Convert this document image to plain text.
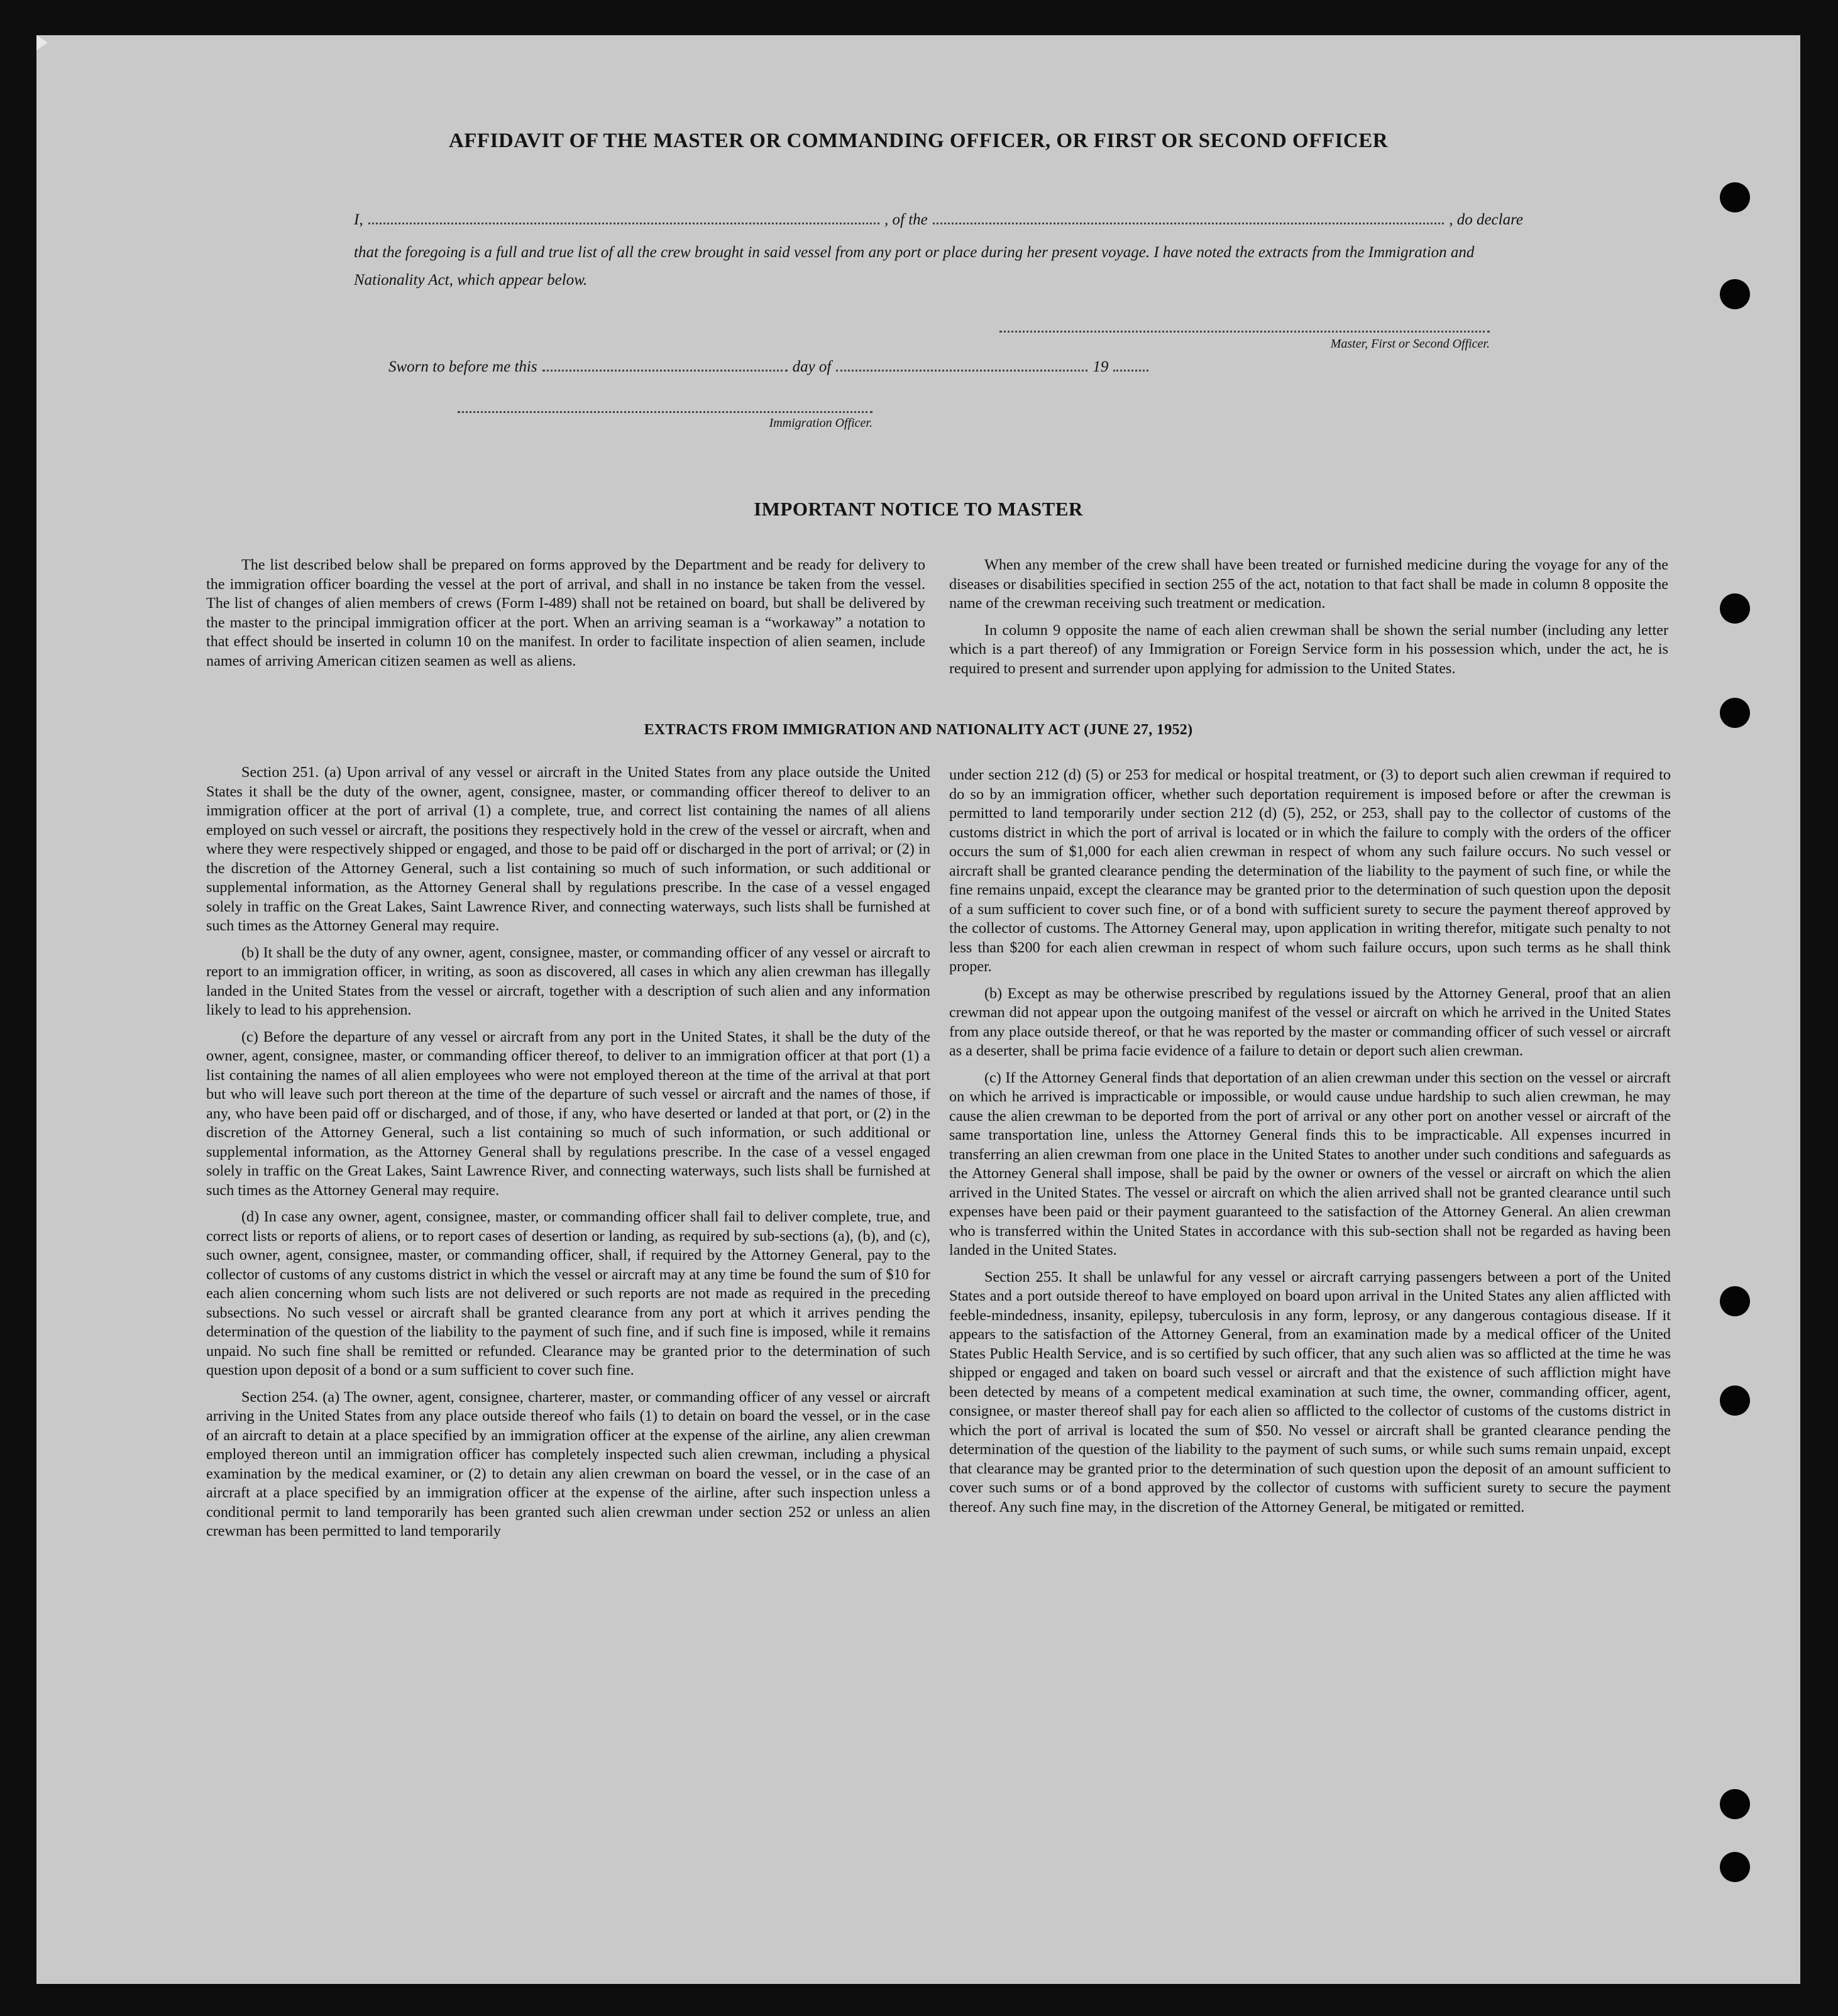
AFFIDAVIT OF THE MASTER OR COMMANDING OFFICER, OR FIRST OR SECOND OFFICER
I,	, of the	, do declare
that the foregoing is a full and true list of all the crew brought in said vessel from any port or place during her present voyage. I have noted the extracts from the Immigration and Nationality Act, which appear below.
Master, First or Second Officer.
Sworn to before me this	day of	19
Immigration Officer.
IMPORTANT NOTICE TO MASTER

The list described below shall be prepared on forms approved by the Department and be ready for delivery to the immigration officer boarding the vessel at the port of arrival, and shall in no instance be taken from the vessel. The list of changes of alien members of crews (Form I-489) shall not be retained on board, but shall be delivered by the master to the principal immigration officer at the port. When an arriving seaman is a “workaway” a notation to that effect should be inserted in column 10 on the manifest. In order to facilitate inspection of alien seamen, include names of arriving American citizen seamen as well as aliens.

When any member of the crew shall have been treated or furnished medicine during the voyage for any of the diseases or disabilities specified in section 255 of the act, notation to that fact shall be made in column 8 opposite the name of the crewman receiving such treatment or medication.

In column 9 opposite the name of each alien crewman shall be shown the serial number (including any letter which is a part thereof) of any Immigration or Foreign Service form in his possession which, under the act, he is required to present and surrender upon applying for admission to the United States.

EXTRACTS FROM IMMIGRATION AND NATIONALITY ACT (JUNE 27, 1952)

Section 251. (a) Upon arrival of any vessel or aircraft in the United States from any place outside the United States it shall be the duty of the owner, agent, consignee, master, or commanding officer thereof to deliver to an immigration officer at the port of arrival (1) a complete, true, and correct list containing the names of all aliens employed on such vessel or aircraft, the positions they respectively hold in the crew of the vessel or aircraft, when and where they were respectively shipped or engaged, and those to be paid off or discharged in the port of arrival; or (2) in the discretion of the Attorney General, such a list containing so much of such information, or such additional or supplemental information, as the Attorney General shall by regulations prescribe. In the case of a vessel engaged solely in traffic on the Great Lakes, Saint Lawrence River, and connecting waterways, such lists shall be furnished at such times as the Attorney General may require.

(b) It shall be the duty of any owner, agent, consignee, master, or commanding officer of any vessel or aircraft to report to an immigration officer, in writing, as soon as discovered, all cases in which any alien crewman has illegally landed in the United States from the vessel or aircraft, together with a description of such alien and any information likely to lead to his apprehension.

(c) Before the departure of any vessel or aircraft from any port in the United States, it shall be the duty of the owner, agent, consignee, master, or commanding officer thereof, to deliver to an immigration officer at that port (1) a list containing the names of all alien employees who were not employed thereon at the time of the arrival at that port but who will leave such port thereon at the time of the departure of such vessel or aircraft and the names of those, if any, who have been paid off or discharged, and of those, if any, who have deserted or landed at that port, or (2) in the discretion of the Attorney General, such a list containing so much of such information, or such additional or supplemental information, as the Attorney General shall by regulations prescribe. In the case of a vessel engaged solely in traffic on the Great Lakes, Saint Lawrence River, and connecting waterways, such lists shall be furnished at such times as the Attorney General may require.

(d) In case any owner, agent, consignee, master, or commanding officer shall fail to deliver complete, true, and correct lists or reports of aliens, or to report cases of desertion or landing, as required by sub-sections (a), (b), and (c), such owner, agent, consignee, master, or commanding officer, shall, if required by the Attorney General, pay to the collector of customs of any customs district in which the vessel or aircraft may at any time be found the sum of $10 for each alien concerning whom such lists are not delivered or such reports are not made as required in the preceding subsections. No such vessel or aircraft shall be granted clearance from any port at which it arrives pending the determination of the question of the liability to the payment of such fine, and if such fine is imposed, while it remains unpaid. No such fine shall be remitted or refunded. Clearance may be granted prior to the determination of such question upon deposit of a bond or a sum sufficient to cover such fine.

Section 254. (a) The owner, agent, consignee, charterer, master, or commanding officer of any vessel or aircraft arriving in the United States from any place outside thereof who fails (1) to detain on board the vessel, or in the case of an aircraft to detain at a place specified by an immigration officer at the expense of the airline, any alien crewman employed thereon until an immigration officer has completely inspected such alien crewman, including a physical examination by the medical examiner, or (2) to detain any alien crewman on board the vessel, or in the case of an aircraft at a place specified by an immigration officer at the expense of the airline, after such inspection unless a conditional permit to land temporarily has been granted such alien crewman under section 252 or unless an alien crewman has been permitted to land temporarily

under section 212 (d) (5) or 253 for medical or hospital treatment, or (3) to deport such alien crewman if required to do so by an immigration officer, whether such deportation requirement is imposed before or after the crewman is permitted to land temporarily under section 212 (d) (5), 252, or 253, shall pay to the collector of customs of the customs district in which the port of arrival is located or in which the failure to comply with the orders of the officer occurs the sum of $1,000 for each alien crewman in respect of whom any such failure occurs. No such vessel or aircraft shall be granted clearance pending the determination of the liability to the payment of such fine, or while the fine remains unpaid, except the clearance may be granted prior to the determination of such question upon the deposit of a sum sufficient to cover such fine, or of a bond with sufficient surety to secure the payment thereof approved by the collector of customs. The Attorney General may, upon application in writing therefor, mitigate such penalty to not less than $200 for each alien crewman in respect of whom such failure occurs, upon such terms as he shall think proper.

(b) Except as may be otherwise prescribed by regulations issued by the Attorney General, proof that an alien crewman did not appear upon the outgoing manifest of the vessel or aircraft on which he arrived in the United States from any place outside thereof, or that he was reported by the master or commanding officer of such vessel or aircraft as a deserter, shall be prima facie evidence of a failure to detain or deport such alien crewman.

(c) If the Attorney General finds that deportation of an alien crewman under this section on the vessel or aircraft on which he arrived is impracticable or impossible, or would cause undue hardship to such alien crewman, he may cause the alien crewman to be deported from the port of arrival or any other port on another vessel or aircraft of the same transportation line, unless the Attorney General finds this to be impracticable. All expenses incurred in transferring an alien crewman from one place in the United States to another under such conditions and safeguards as the Attorney General shall impose, shall be paid by the owner or owners of the vessel or aircraft on which the alien arrived in the United States. The vessel or aircraft on which the alien arrived shall not be granted clearance until such expenses have been paid or their payment guaranteed to the satisfaction of the Attorney General. An alien crewman who is transferred within the United States in accordance with this sub-section shall not be regarded as having been landed in the United States.

Section 255. It shall be unlawful for any vessel or aircraft carrying passengers between a port of the United States and a port outside thereof to have employed on board upon arrival in the United States any alien afflicted with feeble-mindedness, insanity, epilepsy, tuberculosis in any form, leprosy, or any dangerous contagious disease. If it appears to the satisfaction of the Attorney General, from an examination made by a medical officer of the United States Public Health Service, and is so certified by such officer, that any such alien was so afflicted at the time he was shipped or engaged and taken on board such vessel or aircraft and that the existence of such affliction might have been detected by means of a competent medical examination at such time, the owner, commanding officer, agent, consignee, or master thereof shall pay for each alien so afflicted to the collector of customs of the customs district in which the port of arrival is located the sum of $50. No vessel or aircraft shall be granted clearance pending the determination of the question of the liability to the payment of such sums, or while such sums remain unpaid, except that clearance may be granted prior to the determination of such question upon the deposit of an amount sufficient to cover such sums or of a bond approved by the collector of customs with sufficient surety to secure the payment thereof. Any such fine may, in the discretion of the Attorney General, be mitigated or remitted.
